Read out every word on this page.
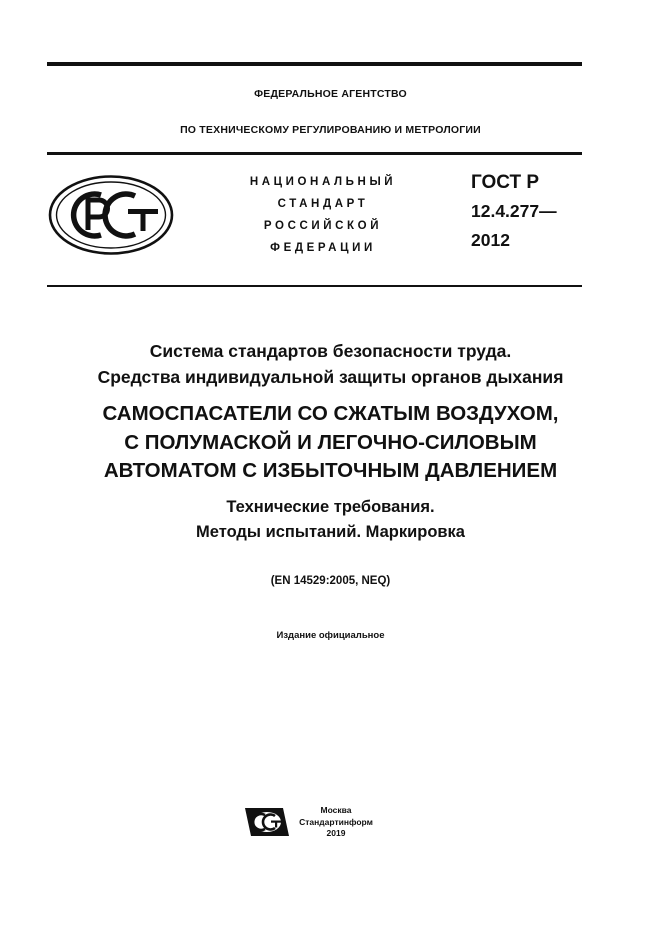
ФЕДЕРАЛЬНОЕ АГЕНТСТВО
ПО ТЕХНИЧЕСКОМУ РЕГУЛИРОВАНИЮ И МЕТРОЛОГИИ
НАЦИОНАЛЬНЫЙ
СТАНДАРТ
РОССИЙСКОЙ
ФЕДЕРАЦИИ
ГОСТ Р
12.4.277—
2012
Система стандартов безопасности труда.
Средства индивидуальной защиты органов дыхания
САМОСПАСАТЕЛИ СО СЖАТЫМ ВОЗДУХОМ,
С ПОЛУМАСКОЙ И ЛЕГОЧНО-СИЛОВЫМ
АВТОМАТОМ С ИЗБЫТОЧНЫМ ДАВЛЕНИЕМ
Технические требования.
Методы испытаний. Маркировка
(EN 14529:2005, NEQ)
Издание официальное
Москва
Стандартинформ
2019
